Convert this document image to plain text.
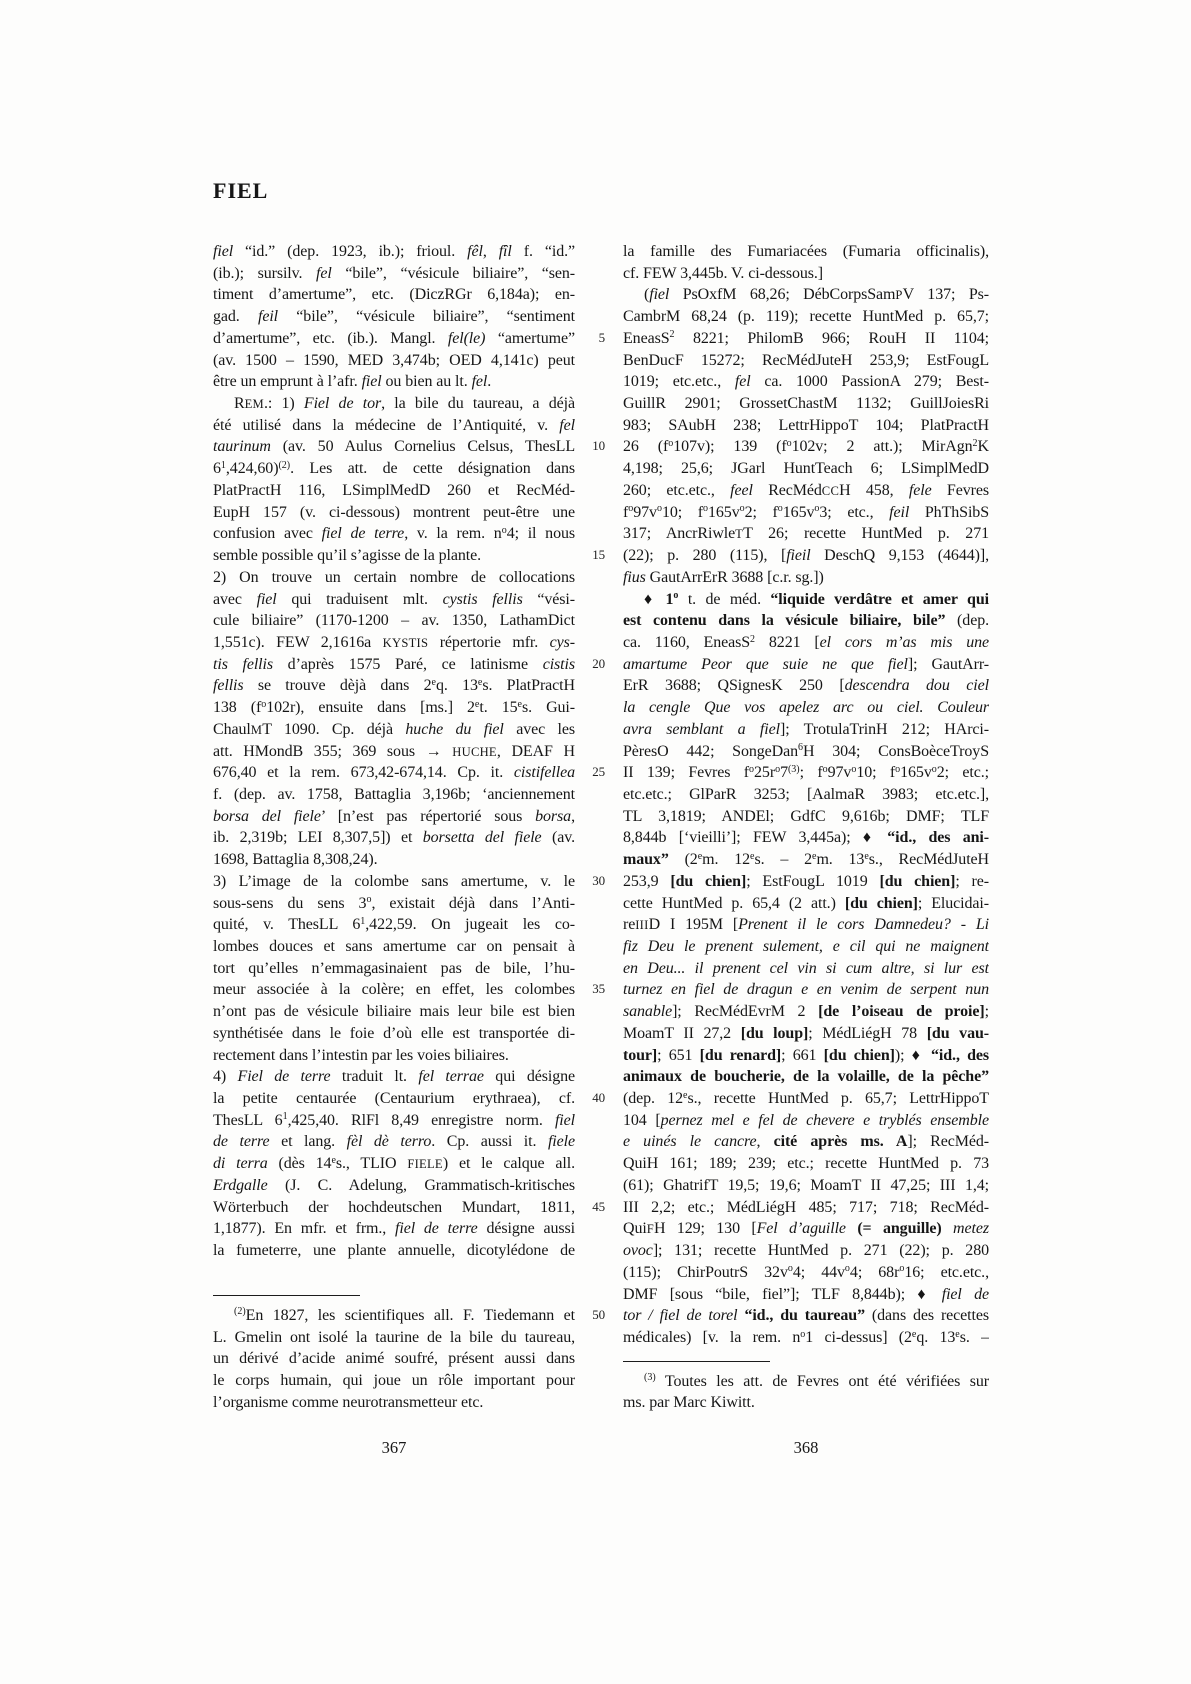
FIEL
fiel “id.” (dep. 1923, ib.); frioul. fêl, fîl f. “id.”
(ib.); sursilv. fel “bile”, “vésicule biliaire”, “sen-
timent d’amertume”, etc. (DiczRGr 6,184a); en-
gad. feil “bile”, “vésicule biliaire”, “sentiment
d’amertume”, etc. (ib.). Mangl. fel(le) “amertume”
(av. 1500 – 1590, MED 3,474b; OED 4,141c) peut
être un emprunt à l’afr. fiel ou bien au lt. fel.
REM.: 1) Fiel de tor, la bile du taureau, a déjà
été utilisé dans la médecine de l’Antiquité, v. fel
taurinum (av. 50 Aulus Cornelius Celsus, ThesLL
$6^1,424,60)^{(2)}$. Les att. de cette désignation dans
PlatPractH 116, LSimplMedD 260 et RecMéd-
EupH 157 (v. ci-dessous) montrent peut-être une
confusion avec fiel de terre, v. la rem. $n^o4$; il nous
semble possible qu’il s’agisse de la plante.
2) On trouve un certain nombre de collocations
avec fiel qui traduisent mlt. cystis fellis “vési-
cule biliaire” (1170-1200 – av. 1350, LathamDict
1,551c). FEW 2,1616a KYSTIS répertorie mfr. cys-
tis fellis d’après 1575 Paré, ce latinisme cistis
fellis se trouve dèjà dans 2eq. 13es. PlatPractH
138 $(f^o102r)$, ensuite dans [ms.] 2et. 15es. Gui-
ChaulMT 1090. Cp. déjà huche du fiel avec les
att. HMondB 355; 369 sous → HUCHE, DEAF H
676,40 et la rem. 673,42-674,14. Cp. it. cistifellea
f. (dep. av. 1758, Battaglia 3,196b; ‘anciennement
borsa del fiele’ [n’est pas répertorié sous borsa,
ib. 2,319b; LEI 8,307,5]) et borsetta del fiele (av.
1698, Battaglia 8,308,24).
3) L’image de la colombe sans amertume, v. le
sous-sens du sens 3$^o$, existait déjà dans l’Anti-
quité, v. ThesLL $6^1,422,59$. On jugeait les co-
lombes douces et sans amertume car on pensait à
tort qu’elles n’emmagasinaient pas de bile, l’hu-
meur associée à la colère; en effet, les colombes
n’ont pas de vésicule biliaire mais leur bile est bien
synthétisée dans le foie d’où elle est transportée di-
rectement dans l’intestin par les voies biliaires.
4) Fiel de terre traduit lt. fel terrae qui désigne
la petite centaurée (Centaurium erythraea), cf.
ThesLL $6^1,425,40$. RlFl 8,49 enregistre norm. fiel
de terre et lang. fèl dè terro. Cp. aussi it. fiele
di terra (dès 14es., TLIO FIELE) et le calque all.
Erdgalle (J. C. Adelung, Grammatisch-kritisches
Wörterbuch der hochdeutschen Mundart, 1811,
1,1877). En mfr. et frm., fiel de terre désigne aussi
la fumeterre, une plante annuelle, dicotylédone de
$^{(2)}$En 1827, les scientifiques all. F. Tiedemann et
L. Gmelin ont isolé la taurine de la bile du taureau,
un dérivé d’acide animé soufré, présent aussi dans
le corps humain, qui joue un rôle important pour
l’organisme comme neurotransmetteur etc.
5
10
15
20
25
30
35
40
45
50
la famille des Fumariacées (Fumaria officinalis),
cf. FEW 3,445b. V. ci-dessous.]
(fiel PsOxfM 68,26; DébCorpsSamPV 137; Ps-
CambrM 68,24 (p. 119); recette HuntMed p. 65,7;
EneasS$^2$ 8221; PhilomB 966; RouH II 1104;
BenDucF 15272; RecMédJuteH 253,9; EstFougL
1019; etc.etc., fel ca. 1000 PassionA 279; Best-
GuillR 2901; GrossetChastM 1132; GuillJoiesRi
983; SAubH 238; LettrHippoT 104; PlatPractH
26 $(f^o107v)$; 139 ($f^o102v$; 2 att.); MirAgn$^2$K
4,198; 25,6; JGarl HuntTeach 6; LSimplMedD
260; etc.etc., feel RecMédCCH 458, fele Fevres
$f^o97v^o10$; $f^o165v^o2$; $f^o165v^o3$; etc., feil PhThSibS
317; AncrRiwleTT 26; recette HuntMed p. 271
(22); p. 280 (115), [fieil DeschQ 9,153 (4644)],
fius GautArrErR 3688 [c.r. sg.])
♦ 1$^o$ t. de méd. “liquide verdâtre et amer qui
est contenu dans la vésicule biliaire, bile” (dep.
ca. 1160, EneasS$^2$ 8221 [el cors m’as mis une
amartume Peor que suie ne que fiel]; GautArr-
ErR 3688; QSignesK 250 [descendra dou ciel
la cengle Que vos apelez arc ou ciel. Couleur
avra semblant a fiel]; TrotulaTrinH 212; HArci-
PèresO 442; SongeDan$^6$H 304; ConsBoèceTroyS
II 139; Fevres $f^o25r^o7^{(3)}$; $f^o97v^o10$; $f^o165v^o2$; etc.;
etc.etc.; GlParR 3253; [AalmaR 3983; etc.etc.],
TL 3,1819; ANDEl; GdfC 9,616b; DMF; TLF
8,844b [‘vieilli’]; FEW 3,445a); ♦ “id., des ani-
maux” (2em. 12es. – 2em. 13es., RecMédJuteH
253,9 [du chien]; EstFougL 1019 [du chien]; re-
cette HuntMed p. 65,4 (2 att.) [du chien]; Elucidai-
reIIID I 195M [Prenent il le cors Damnedeu? - Li
fiz Deu le prenent sulement, e cil qui ne maignent
en Deu... il prenent cel vin si cum altre, si lur est
turnez en fiel de dragun e en venim de serpent nun
sanable]; RecMédEvrM 2 [de l’oiseau de proie];
MoamT II 27,2 [du loup]; MédLiégH 78 [du vau-
tour]; 651 [du renard]; 661 [du chien]); ♦ “id., des
animaux de boucherie, de la volaille, de la pêche”
(dep. 12es., recette HuntMed p. 65,7; LettrHippoT
104 [pernez mel e fel de chevere e tryblés ensemble
e uinés le cancre, cité après ms. A]; RecMéd-
QuiH 161; 189; 239; etc.; recette HuntMed p. 73
(61); GhatrifT 19,5; 19,6; MoamT II 47,25; III 1,4;
III 2,2; etc.; MédLiégH 485; 717; 718; RecMéd-
QuiFH 129; 130 [Fel d’aguille (= anguille) metez
ovoc]; 131; recette HuntMed p. 271 (22); p. 280
(115); ChirPoutrS $32v^o4$; $44v^o4$; $68r^o16$; etc.etc.,
DMF [sous “bile, fiel”]; TLF 8,844b); ♦ fiel de
tor / fiel de torel “id., du taureau” (dans des recettes
médicales) [v. la rem. $n^o1$ ci-dessus] (2eq. 13es. –
$^{(3)}$ Toutes les att. de Fevres ont été vérifiées sur
ms. par Marc Kiwitt.
367	368
